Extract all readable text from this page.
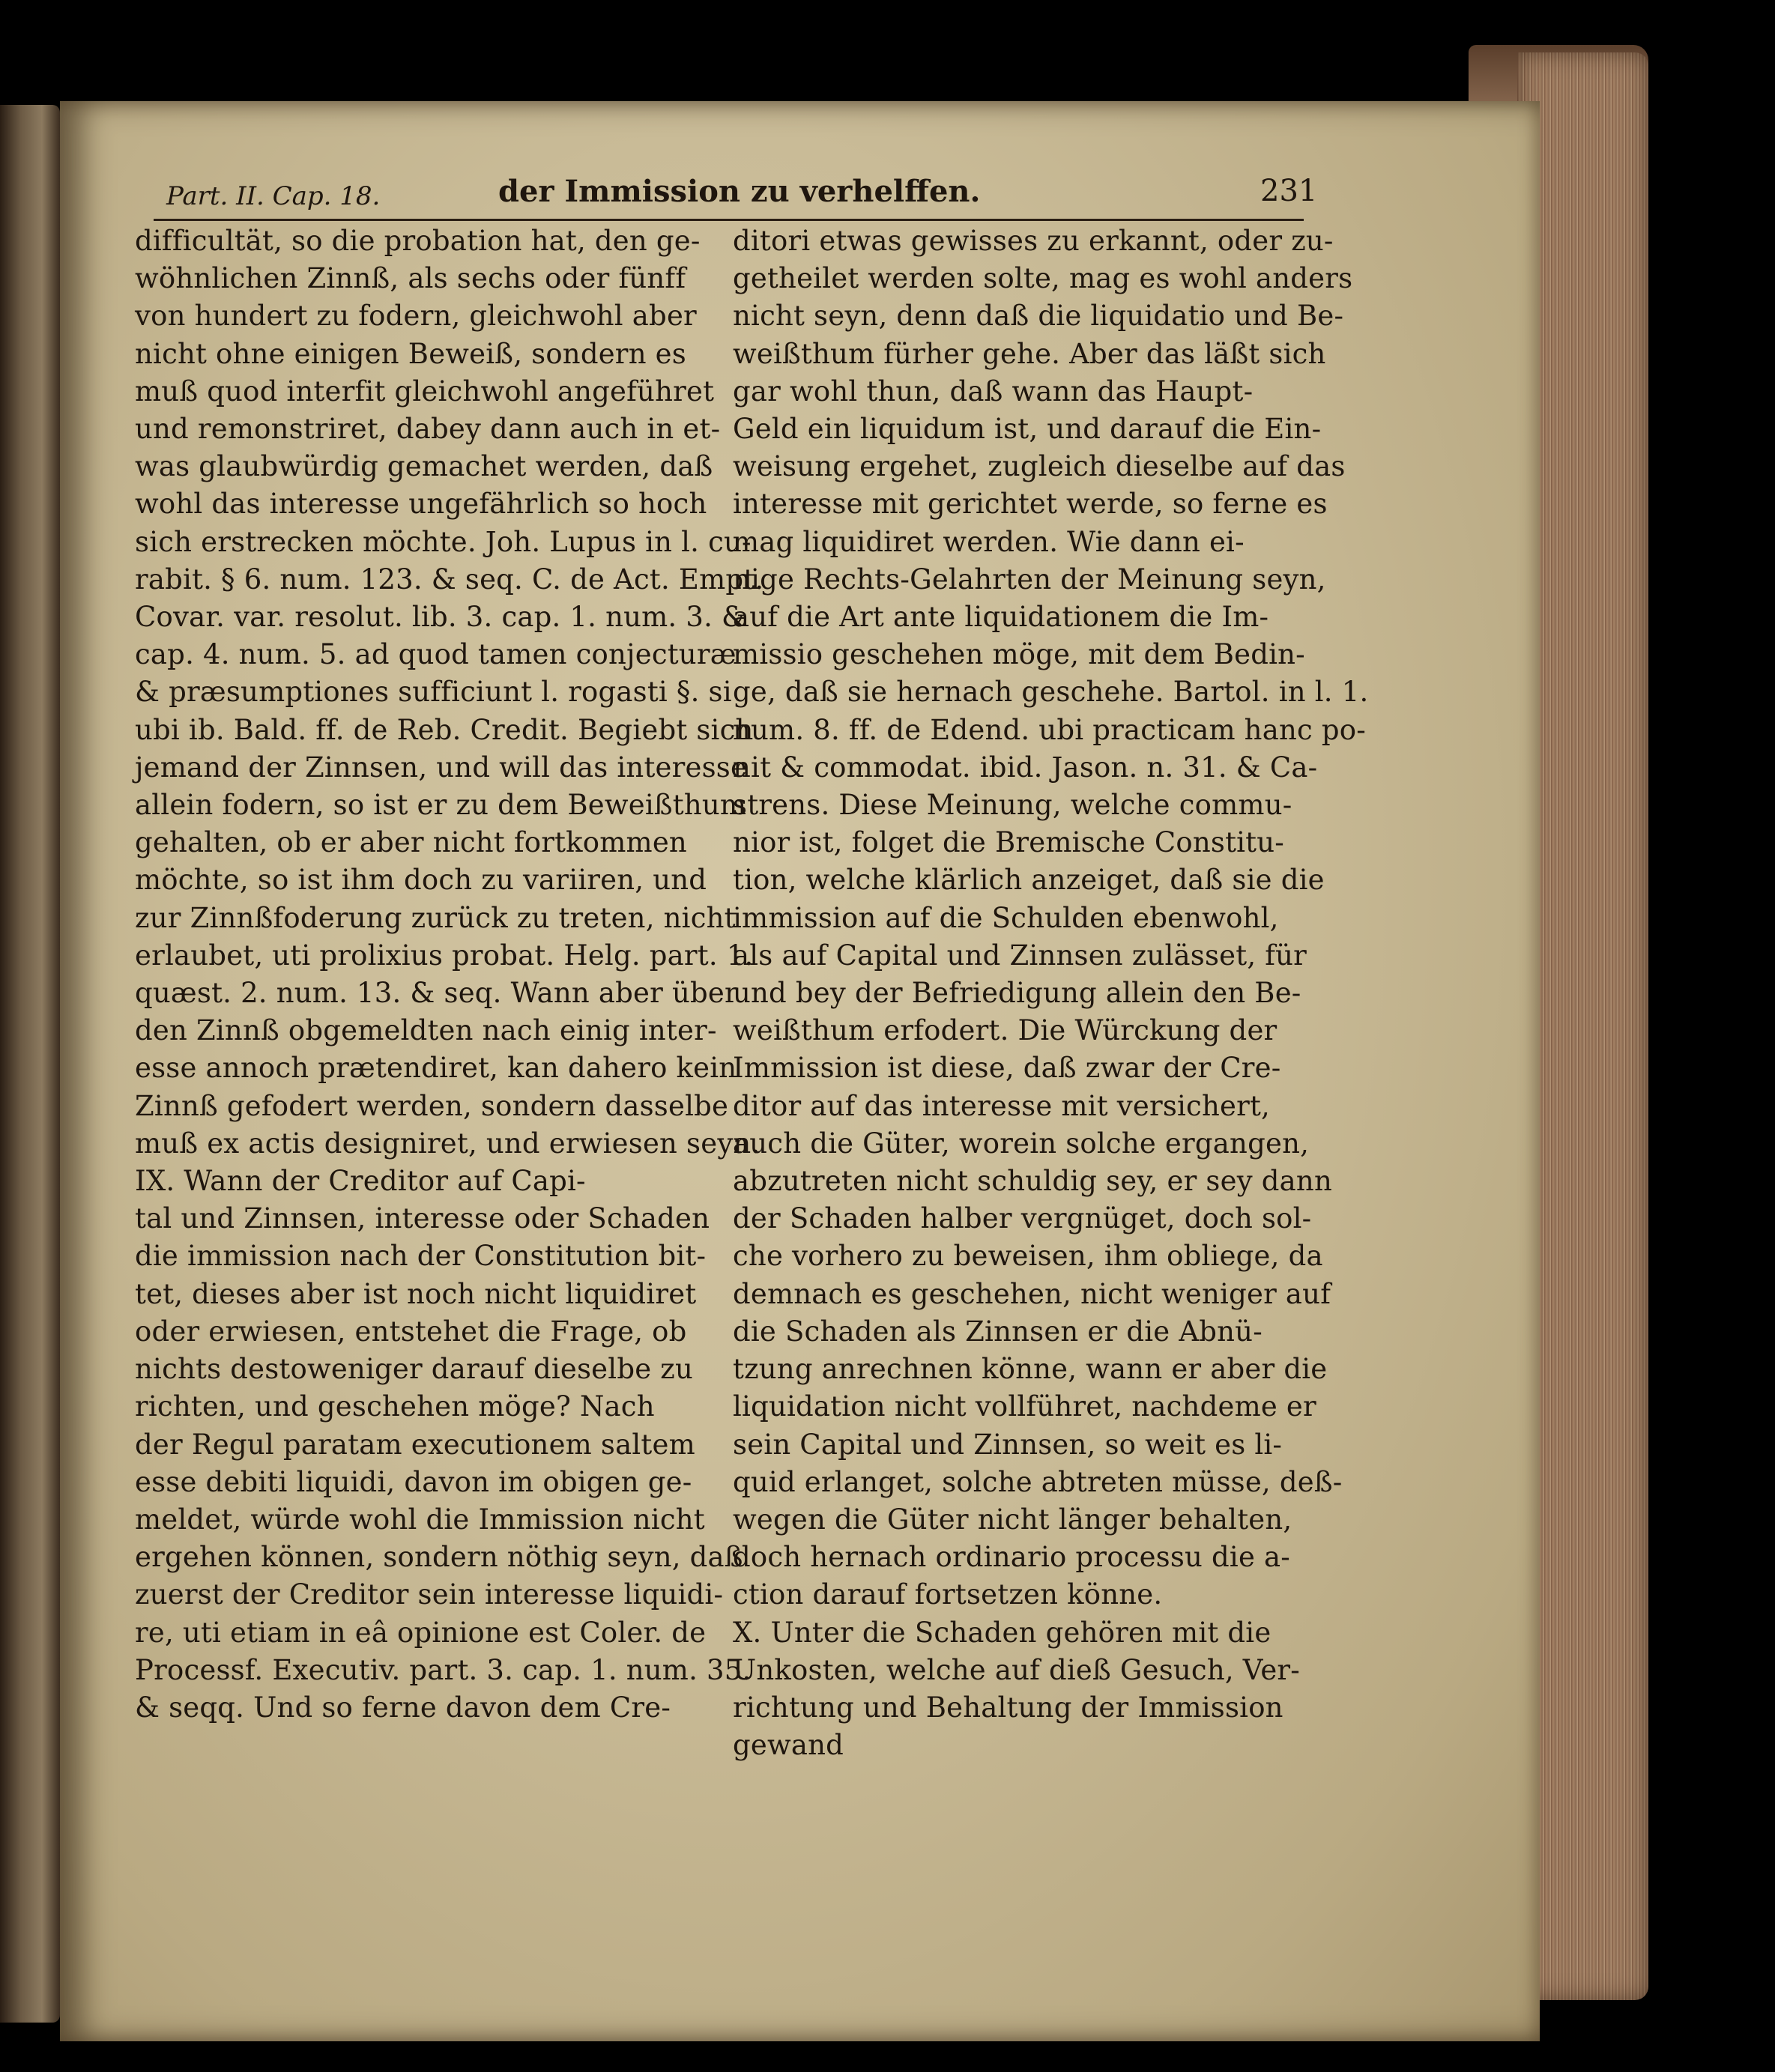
Part. II. Cap. 18.	der Immission zu verhelffen.	231
difficultät, so die probation hat, den ge-
wöhnlichen Zinnß, als sechs oder fünff
von hundert zu fodern, gleichwohl aber
nicht ohne einigen Beweiß, sondern es
muß quod interfit gleichwohl angeführet
und remonstriret, dabey dann auch in et-
was glaubwürdig gemachet werden, daß
wohl das interesse ungefährlich so hoch
sich erstrecken möchte. Joh. Lupus in l. cu-
rabit. § 6. num. 123. & seq. C. de Act. Empt.
Covar. var. resolut. lib. 3. cap. 1. num. 3. &
cap. 4. num. 5. ad quod tamen conjecturæ
& præsumptiones sufficiunt l. rogasti §. si
ubi ib. Bald. ff. de Reb. Credit. Begiebt sich
jemand der Zinnsen, und will das interesse
allein fodern, so ist er zu dem Beweißthum
gehalten, ob er aber nicht fortkommen
möchte, so ist ihm doch zu variiren, und
zur Zinnßfoderung zurück zu treten, nicht
erlaubet, uti prolixius probat. Helg. part. 1.
quæst. 2. num. 13. & seq. Wann aber über
den Zinnß obgemeldten nach einig inter-
esse annoch prætendiret, kan dahero kein
Zinnß gefodert werden, sondern dasselbe
muß ex actis designiret, und erwiesen seyn.
IX. Wann der Creditor auf Capi-
tal und Zinnsen, interesse oder Schaden
die immission nach der Constitution bit-
tet, dieses aber ist noch nicht liquidiret
oder erwiesen, entstehet die Frage, ob
nichts destoweniger darauf dieselbe zu
richten, und geschehen möge? Nach
der Regul paratam executionem saltem
esse debiti liquidi, davon im obigen ge-
meldet, würde wohl die Immission nicht
ergehen können, sondern nöthig seyn, daß
zuerst der Creditor sein interesse liquidi-
re, uti etiam in eâ opinione est Coler. de
Processf. Executiv. part. 3. cap. 1. num. 35.
& seqq. Und so ferne davon dem Cre-
ditori etwas gewisses zu erkannt, oder zu-
getheilet werden solte, mag es wohl anders
nicht seyn, denn daß die liquidatio und Be-
weißthum fürher gehe. Aber das läßt sich
gar wohl thun, daß wann das Haupt-
Geld ein liquidum ist, und darauf die Ein-
weisung ergehet, zugleich dieselbe auf das
interesse mit gerichtet werde, so ferne es
mag liquidiret werden. Wie dann ei-
nige Rechts-Gelahrten der Meinung seyn,
auf die Art ante liquidationem die Im-
missio geschehen möge, mit dem Bedin-
ge, daß sie hernach geschehe. Bartol. in l. 1.
num. 8. ff. de Edend. ubi practicam hanc po-
nit & commodat. ibid. Jason. n. 31. & Ca-
strens. Diese Meinung, welche commu-
nior ist, folget die Bremische Constitu-
tion, welche klärlich anzeiget, daß sie die
immission auf die Schulden ebenwohl,
als auf Capital und Zinnsen zulässet, für
und bey der Befriedigung allein den Be-
weißthum erfodert. Die Würckung der
Immission ist diese, daß zwar der Cre-
ditor auf das interesse mit versichert,
auch die Güter, worein solche ergangen,
abzutreten nicht schuldig sey, er sey dann
der Schaden halber vergnüget, doch sol-
che vorhero zu beweisen, ihm obliege, da
demnach es geschehen, nicht weniger auf
die Schaden als Zinnsen er die Abnü-
tzung anrechnen könne, wann er aber die
liquidation nicht vollführet, nachdeme er
sein Capital und Zinnsen, so weit es li-
quid erlanget, solche abtreten müsse, deß-
wegen die Güter nicht länger behalten,
doch hernach ordinario processu die a-
ction darauf fortsetzen könne.
X. Unter die Schaden gehören mit die
Unkosten, welche auf dieß Gesuch, Ver-
richtung und Behaltung der Immission
gewand
